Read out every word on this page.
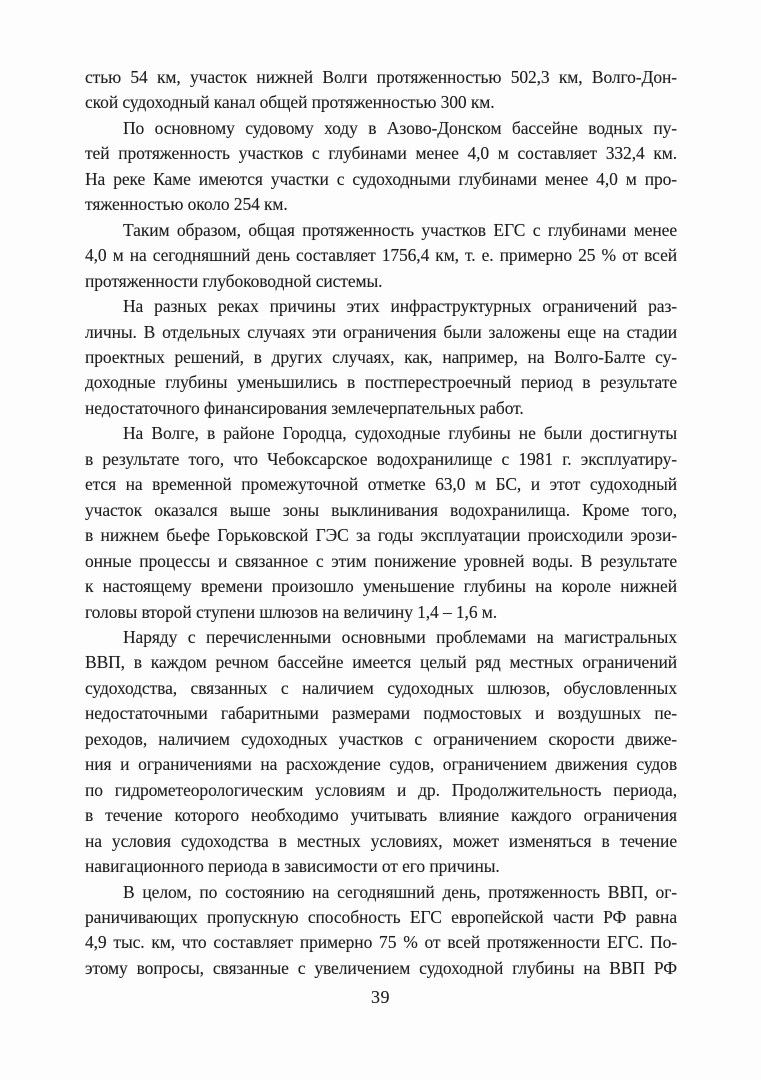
стью 54 км, участок нижней Волги протяженностью 502,3 км, Волго-Дон-
ской судоходный канал общей протяженностью 300 км.

По основному судовому ходу в Азово-Донском бассейне водных пу-
тей протяженность участков с глубинами менее 4,0 м составляет 332,4 км.
На реке Каме имеются участки с судоходными глубинами менее 4,0 м про-
тяженностью около 254 км.

Таким образом, общая протяженность участков ЕГС с глубинами менее
4,0 м на сегодняшний день составляет 1756,4 км, т. е. примерно 25 % от всей
протяженности глубоководной системы.

На разных реках причины этих инфраструктурных ограничений раз-
личны. В отдельных случаях эти ограничения были заложены еще на стадии
проектных решений, в других случаях, как, например, на Волго-Балте су-
доходные глубины уменьшились в постперестроечный период в результате
недостаточного финансирования землечерпательных работ.

На Волге, в районе Городца, судоходные глубины не были достигнуты
в результате того, что Чебоксарское водохранилище с 1981 г. эксплуатиру-
ется на временной промежуточной отметке 63,0 м БС, и этот судоходный
участок оказался выше зоны выклинивания водохранилища. Кроме того,
в нижнем бьефе Горьковской ГЭС за годы эксплуатации происходили эрози-
онные процессы и связанное с этим понижение уровней воды. В результате
к настоящему времени произошло уменьшение глубины на короле нижней
головы второй ступени шлюзов на величину 1,4 – 1,6 м.

Наряду с перечисленными основными проблемами на магистральных
ВВП, в каждом речном бассейне имеется целый ряд местных ограничений
судоходства, связанных с наличием судоходных шлюзов, обусловленных
недостаточными габаритными размерами подмостовых и воздушных пе-
реходов, наличием судоходных участков с ограничением скорости движе-
ния и ограничениями на расхождение судов, ограничением движения судов
по гидрометеорологическим условиям и др. Продолжительность периода,
в течение которого необходимо учитывать влияние каждого ограничения
на условия судоходства в местных условиях, может изменяться в течение
навигационного периода в зависимости от его причины.

В целом, по состоянию на сегодняшний день, протяженность ВВП, ог-
раничивающих пропускную способность ЕГС европейской части РФ равна
4,9 тыс. км, что составляет примерно 75 % от всей протяженности ЕГС. По-
этому вопросы, связанные с увеличением судоходной глубины на ВВП РФ

39
